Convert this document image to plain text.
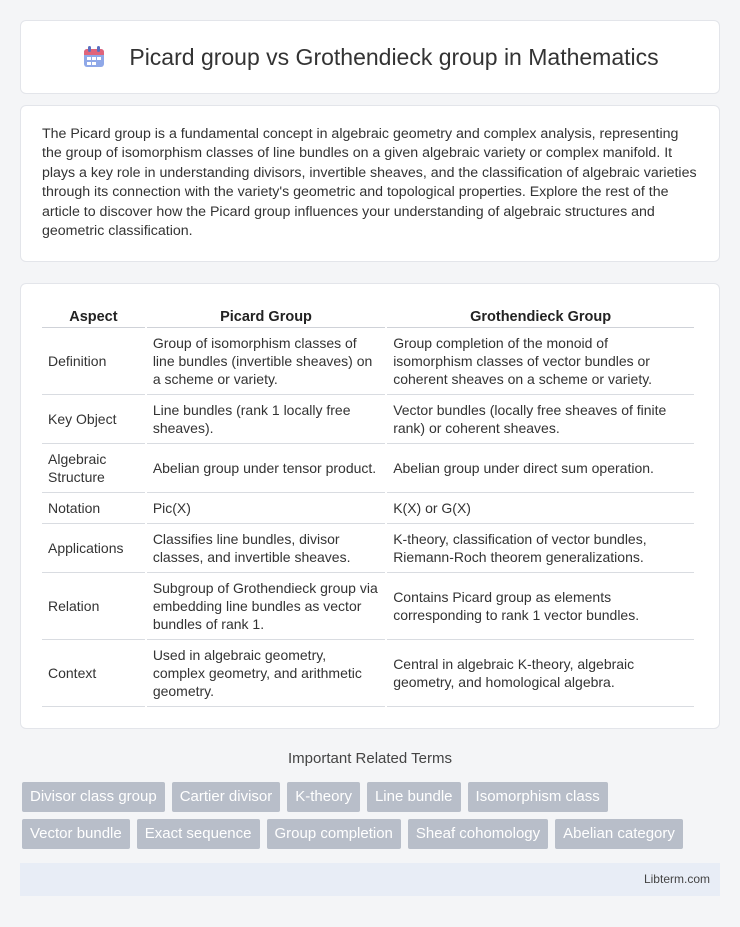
Picard group vs Grothendieck group in Mathematics

The Picard group is a fundamental concept in algebraic geometry and complex analysis, representing the group of isomorphism classes of line bundles on a given algebraic variety or complex manifold. It plays a key role in understanding divisors, invertible sheaves, and the classification of algebraic varieties through its connection with the variety's geometric and topological properties. Explore the rest of the article to discover how the Picard group influences your understanding of algebraic structures and geometric classification.

Aspect	Picard Group	Grothendieck Group
Definition	Group of isomorphism classes of line bundles (invertible sheaves) on a scheme or variety.	Group completion of the monoid of isomorphism classes of vector bundles or coherent sheaves on a scheme or variety.
Key Object	Line bundles (rank 1 locally free sheaves).	Vector bundles (locally free sheaves of finite rank) or coherent sheaves.
Algebraic Structure	Abelian group under tensor product.	Abelian group under direct sum operation.
Notation	Pic(X)	K(X) or G(X)
Applications	Classifies line bundles, divisor classes, and invertible sheaves.	K-theory, classification of vector bundles, Riemann-Roch theorem generalizations.
Relation	Subgroup of Grothendieck group via embedding line bundles as vector bundles of rank 1.	Contains Picard group as elements corresponding to rank 1 vector bundles.
Context	Used in algebraic geometry, complex geometry, and arithmetic geometry.	Central in algebraic K-theory, algebraic geometry, and homological algebra.
Important Related Terms
Divisor class group	Cartier divisor	K-theory	Line bundle	Isomorphism class
Vector bundle	Exact sequence	Group completion	Sheaf cohomology	Abelian category
Libterm.com
